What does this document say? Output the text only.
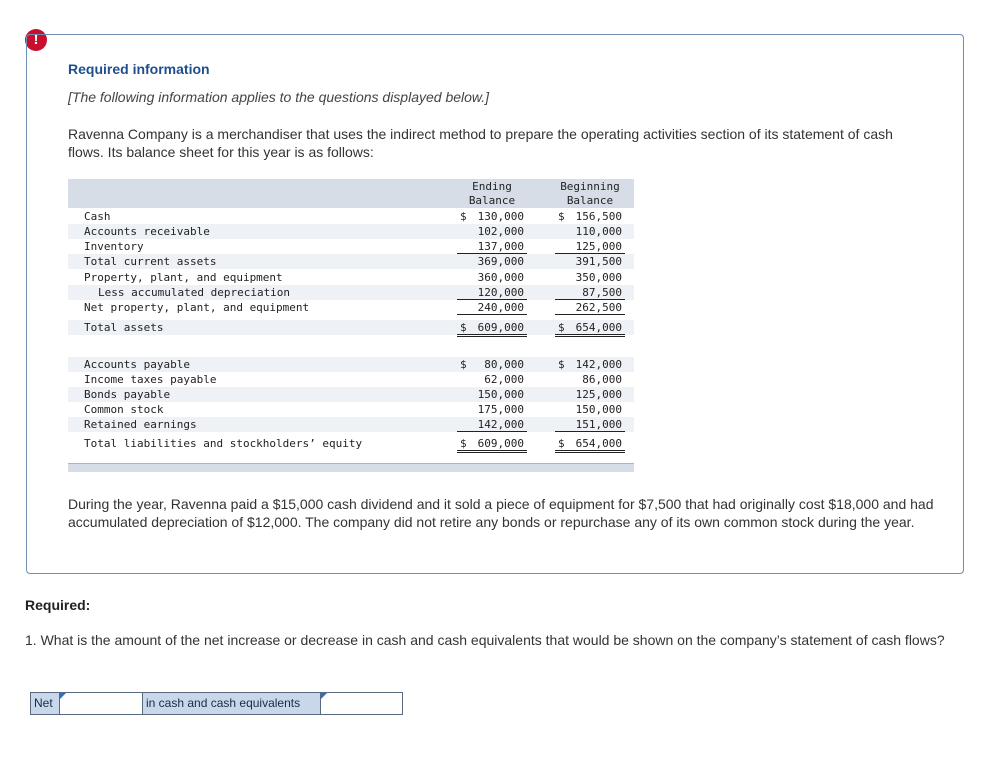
!
Required information
[The following information applies to the questions displayed below.]
Ravenna Company is a merchandiser that uses the indirect method to prepare the operating activities section of its statement of cash flows. Its balance sheet for this year is as follows:
Ending
Balance
Beginning
Balance
Cash	$ 130,000	$ 156,500
Accounts receivable	102,000	110,000
Inventory	137,000	125,000
Total current assets	369,000	391,500
Property, plant, and equipment	360,000	350,000
Less accumulated depreciation	120,000	87,500
Net property, plant, and equipment	240,000	262,500
Total assets	$ 609,000	$ 654,000
Accounts payable	$ 80,000	$ 142,000
Income taxes payable	62,000	86,000
Bonds payable	150,000	125,000
Common stock	175,000	150,000
Retained earnings	142,000	151,000
Total liabilities and stockholders’ equity	$ 609,000	$ 654,000
During the year, Ravenna paid a $15,000 cash dividend and it sold a piece of equipment for $7,500 that had originally cost $18,000 and had accumulated depreciation of $12,000. The company did not retire any bonds or repurchase any of its own common stock during the year.
Required:
1. What is the amount of the net increase or decrease in cash and cash equivalents that would be shown on the company’s statement of cash flows?
Net	in cash and cash equivalents
